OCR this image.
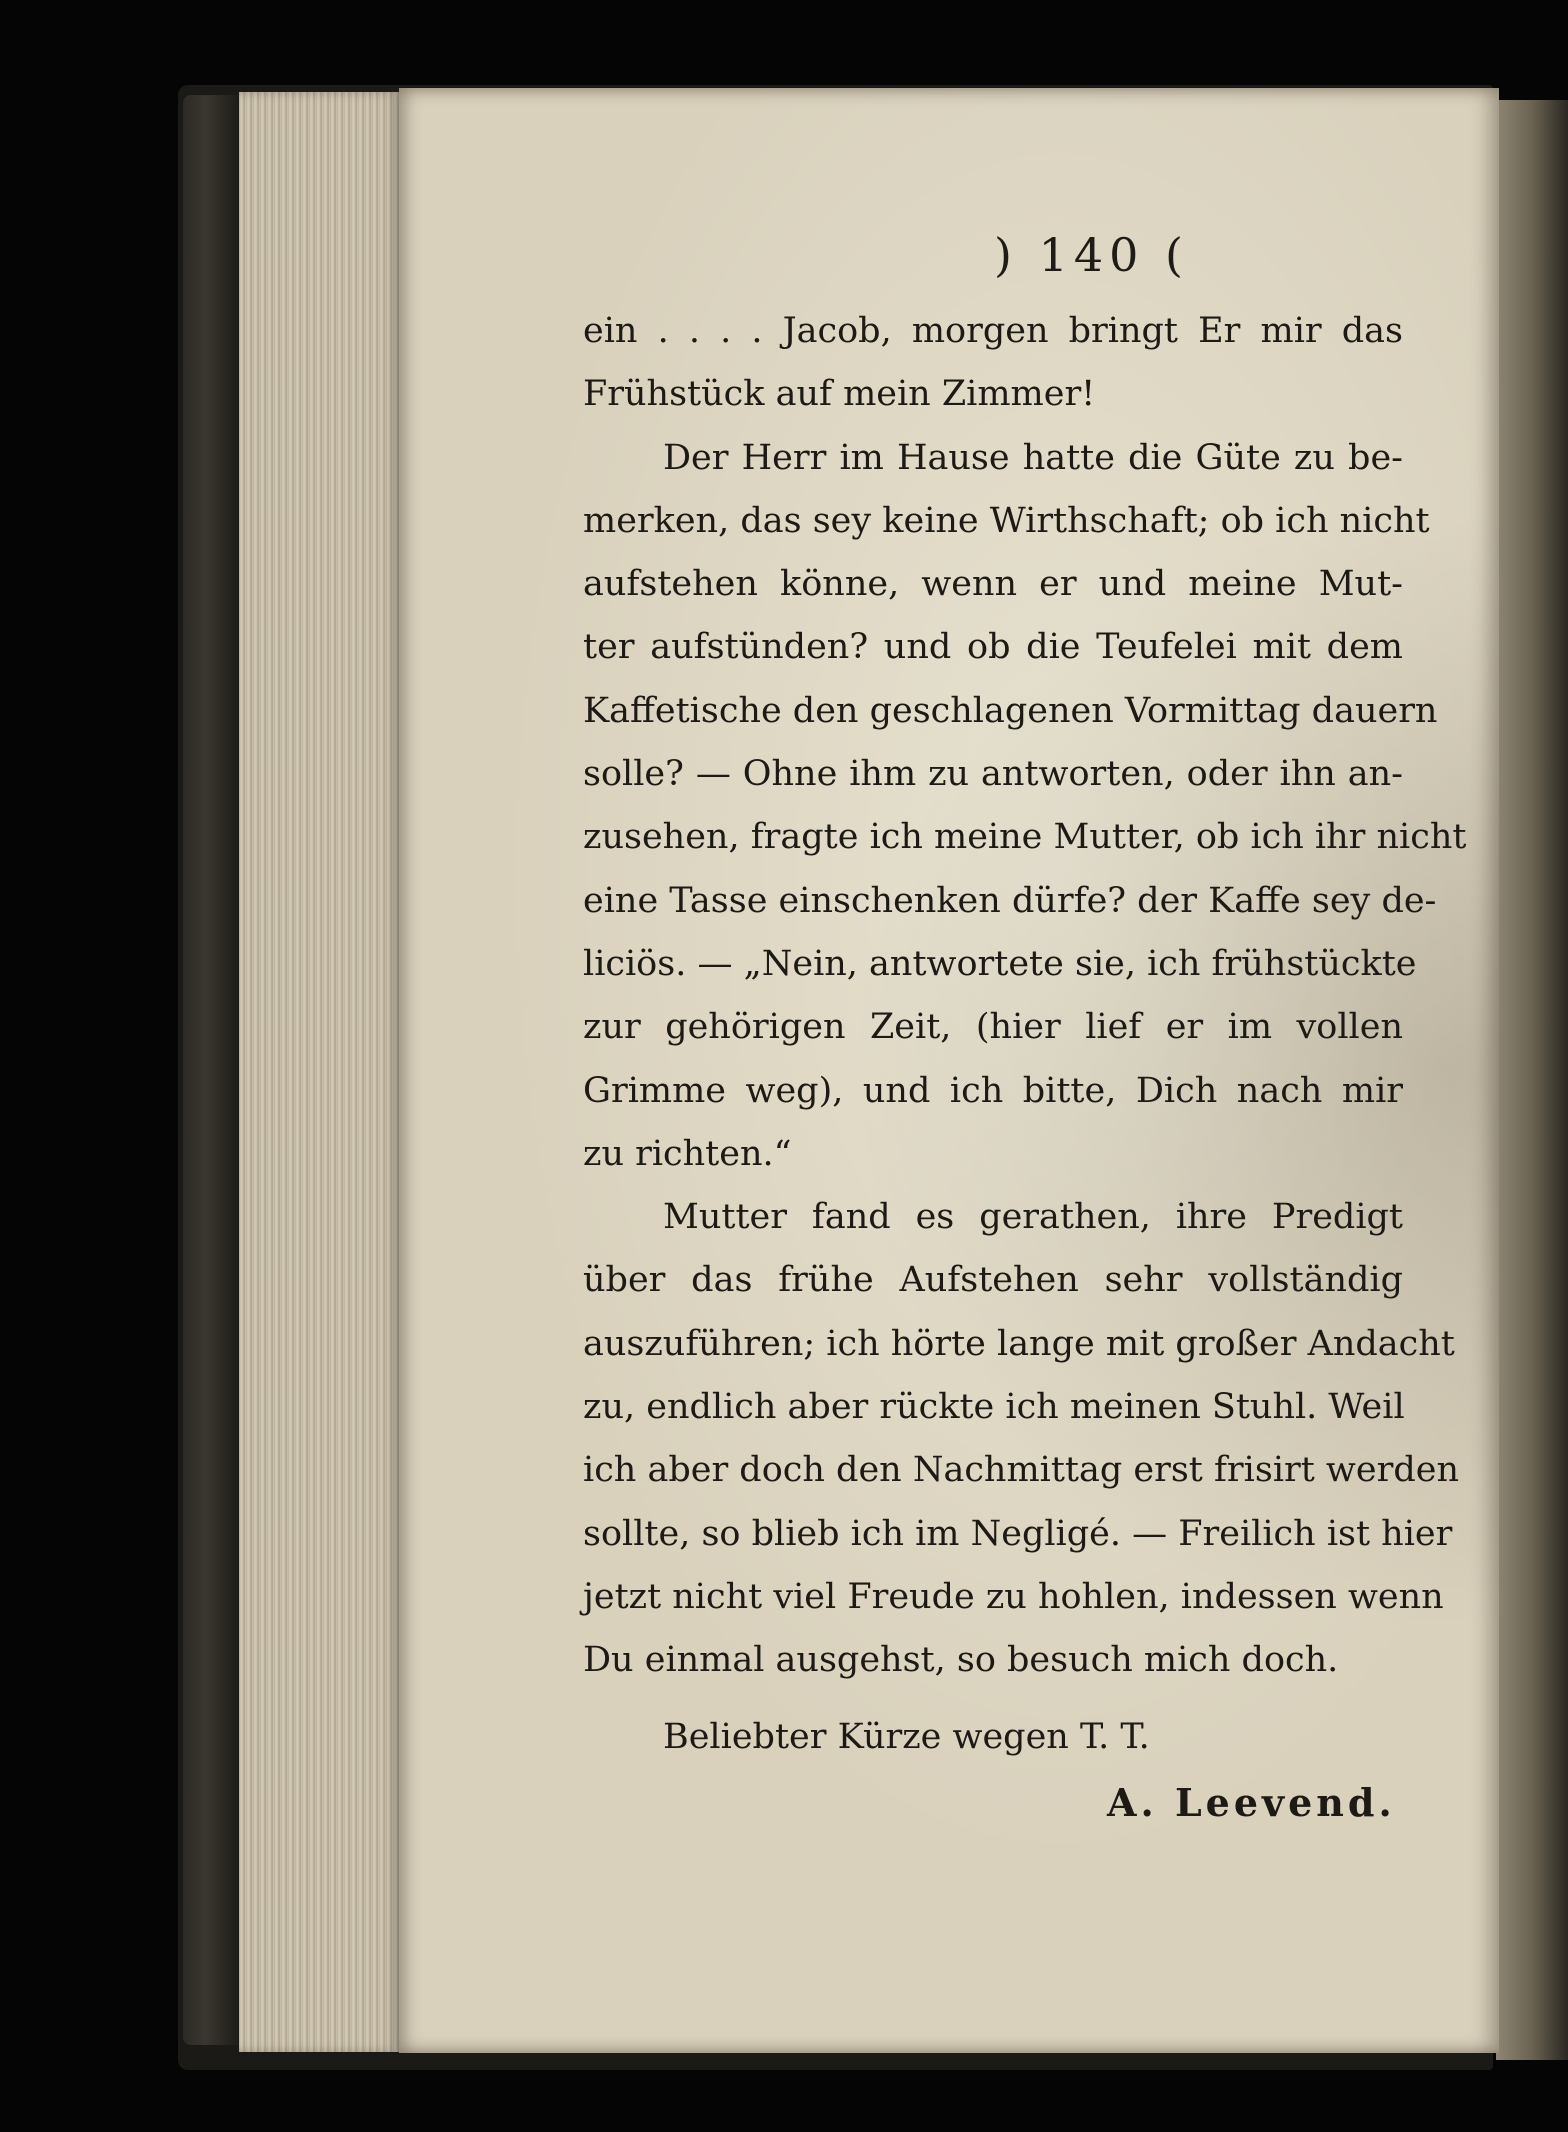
) 140 (
ein . . . . Jacob, morgen bringt Er mir das
Frühstück auf mein Zimmer!
Der Herr im Hause hatte die Güte zu be-
merken, das sey keine Wirthschaft; ob ich nicht
aufstehen könne, wenn er und meine Mut-
ter aufstünden? und ob die Teufelei mit dem
Kaffetische den geschlagenen Vormittag dauern
solle? — Ohne ihm zu antworten, oder ihn an-
zusehen, fragte ich meine Mutter, ob ich ihr nicht
eine Tasse einschenken dürfe? der Kaffe sey de-
liciös. — „Nein, antwortete sie, ich frühstückte
zur gehörigen Zeit, (hier lief er im vollen
Grimme weg), und ich bitte, Dich nach mir
zu richten.“
Mutter fand es gerathen, ihre Predigt
über das frühe Aufstehen sehr vollständig
auszuführen; ich hörte lange mit großer Andacht
zu, endlich aber rückte ich meinen Stuhl. Weil
ich aber doch den Nachmittag erst frisirt werden
sollte, so blieb ich im Negligé. — Freilich ist hier
jetzt nicht viel Freude zu hohlen, indessen wenn
Du einmal ausgehst, so besuch mich doch.
Beliebter Kürze wegen T. T.
A. Leevend.
